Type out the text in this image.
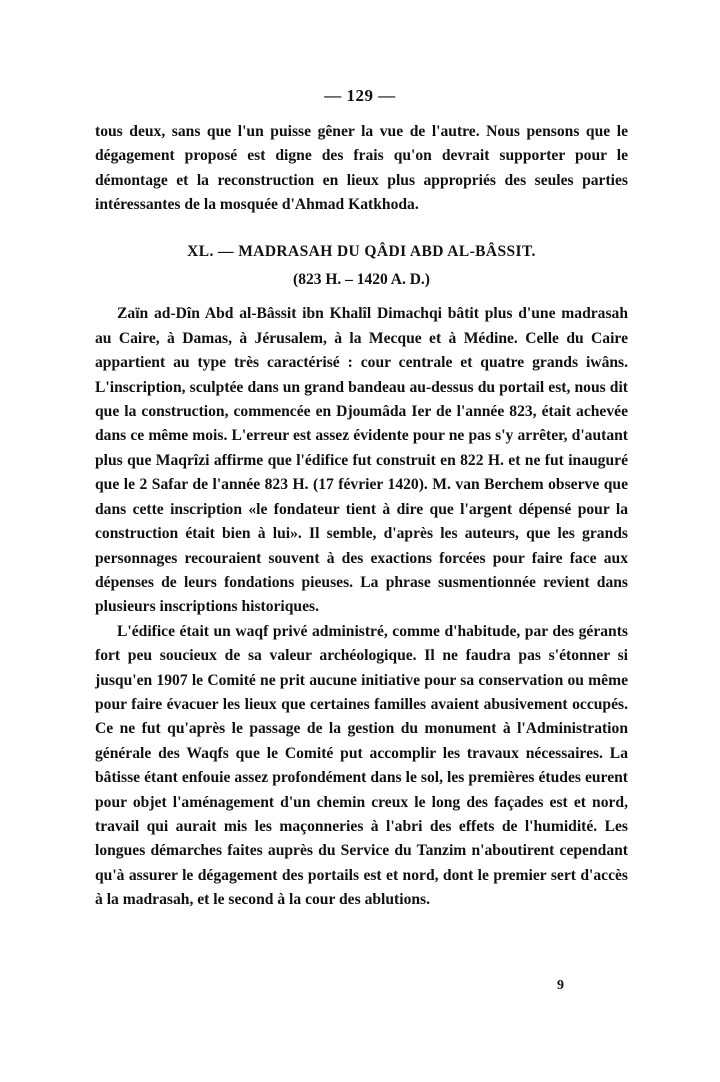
— 129 —

tous deux, sans que l'un puisse gêner la vue de l'autre. Nous pensons que le dégagement proposé est digne des frais qu'on devrait supporter pour le démontage et la reconstruction en lieux plus appropriés des seules parties intéressantes de la mosquée d'Ahmad Katkhoda.

XL. — MADRASAH DU QÂDI ABD AL-BÂSSIT.
(823 H. – 1420 A. D.)

Zaïn ad-Dîn Abd al-Bâssit ibn Khalîl Dimachqi bâtit plus d'une madrasah au Caire, à Damas, à Jérusalem, à la Mecque et à Médine. Celle du Caire appartient au type très caractérisé : cour centrale et quatre grands iwâns. L'inscription, sculptée dans un grand bandeau au-dessus du portail est, nous dit que la construction, commencée en Djoumâda Ier de l'année 823, était achevée dans ce même mois. L'erreur est assez évidente pour ne pas s'y arrêter, d'autant plus que Maqrîzi affirme que l'édifice fut construit en 822 H. et ne fut inauguré que le 2 Safar de l'année 823 H. (17 février 1420). M. van Berchem observe que dans cette inscription «le fondateur tient à dire que l'argent dépensé pour la construction était bien à lui». Il semble, d'après les auteurs, que les grands personnages recouraient souvent à des exactions forcées pour faire face aux dépenses de leurs fondations pieuses. La phrase susmentionnée revient dans plusieurs inscriptions historiques.

L'édifice était un waqf privé administré, comme d'habitude, par des gérants fort peu soucieux de sa valeur archéologique. Il ne faudra pas s'étonner si jusqu'en 1907 le Comité ne prit aucune initiative pour sa conservation ou même pour faire évacuer les lieux que certaines familles avaient abusivement occupés. Ce ne fut qu'après le passage de la gestion du monument à l'Administration générale des Waqfs que le Comité put accomplir les travaux nécessaires. La bâtisse étant enfouie assez profondément dans le sol, les premières études eurent pour objet l'aménagement d'un chemin creux le long des façades est et nord, travail qui aurait mis les maçonneries à l'abri des effets de l'humidité. Les longues démarches faites auprès du Service du Tanzim n'aboutirent cependant qu'à assurer le dégagement des portails est et nord, dont le premier sert d'accès à la madrasah, et le second à la cour des ablutions.

9
